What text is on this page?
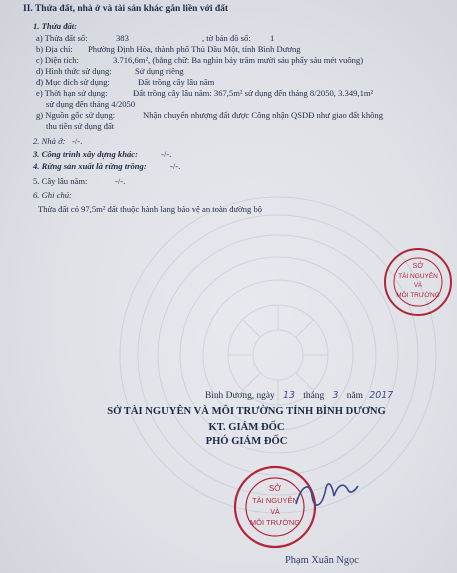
II. Thửa đất, nhà ở và tài sản khác gắn liền với đất
1. Thửa đất:
a) Thửa đất số:	383	, tờ bản đồ số: 1
b) Địa chỉ: Phường Định Hòa, thành phố Thủ Dầu Một, tỉnh Bình Dương
c) Diện tích:	3.716,6m², (bằng chữ: Ba nghìn bảy trăm mười sáu phẩy sáu mét vuông)
d) Hình thức sử dụng:	Sử dụng riêng
đ) Mục đích sử dụng:	Đất trồng cây lâu năm
e) Thời hạn sử dụng:	Đất trồng cây lâu năm: 367,5m² sử dụng đến tháng 8/2050, 3.349,1m²
sử dụng đến tháng 4/2050
g) Nguồn gốc sử dụng:	Nhận chuyển nhượng đất được Công nhận QSDĐ như giao đất không
thu tiền sử dụng đất
2. Nhà ở: -/-.
3. Công trình xây dựng khác:	-/-.
4. Rừng sản xuất là rừng trồng:	-/-.
5. Cây lâu năm:	-/-.
6. Ghi chú:
Thửa đất có 97,5m² đất thuộc hành lang bảo vệ an toàn đường bộ
SỞ
TÀI NGUYÊN
VÀ
MÔI TRƯỜNG
Bình Dương, ngày 13 tháng 3 năm 2017
SỞ TÀI NGUYÊN VÀ MÔI TRƯỜNG TỈNH BÌNH DƯƠNG
KT. GIÁM ĐỐC
PHÓ GIÁM ĐỐC
SỞ
TÀI NGUYÊN
VÀ
MÔI TRƯỜNG
Phạm Xuân Ngọc
